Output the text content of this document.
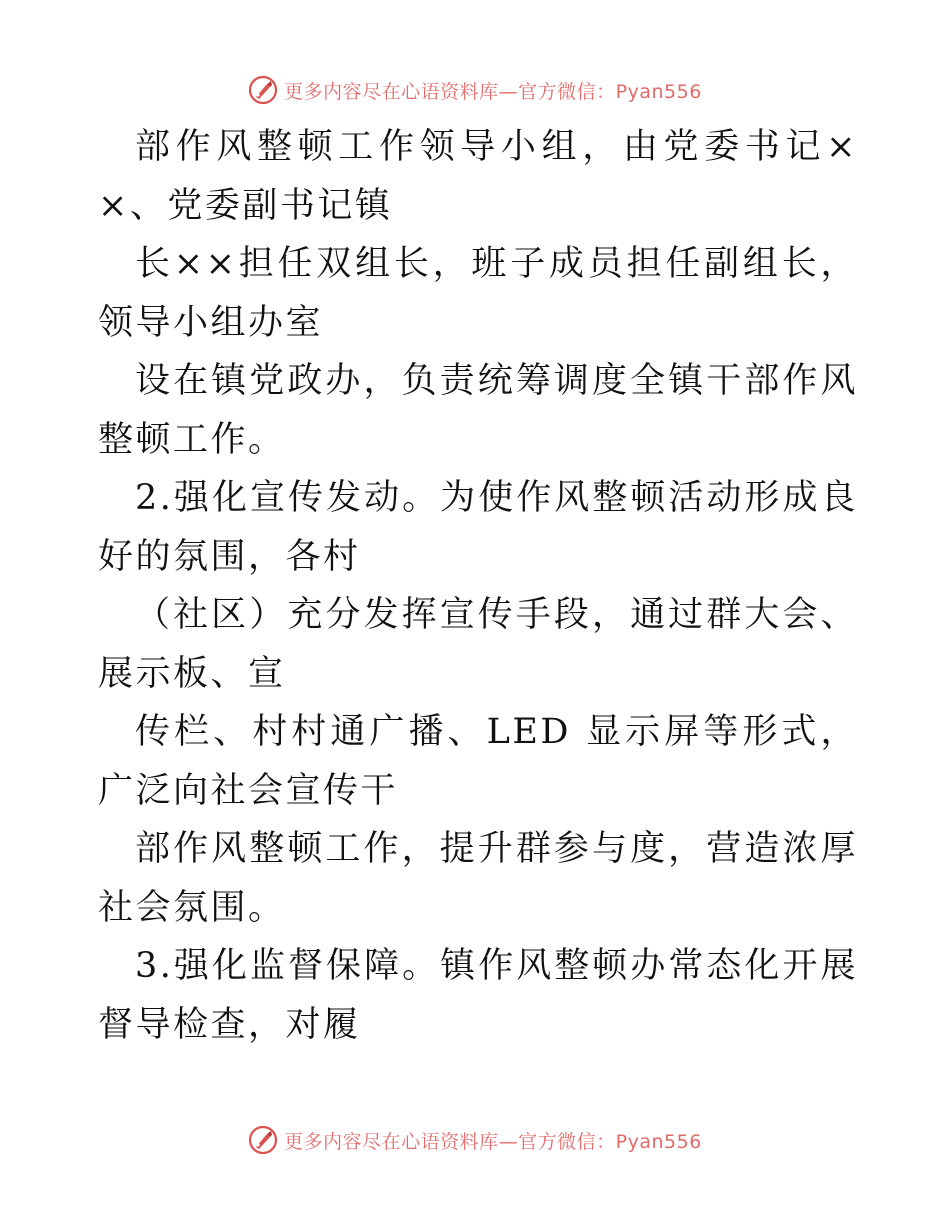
更多内容尽在心语资料库—官方微信：Pyan556

部作风整顿工作领导小组，由党委书记××、党委副书记镇

长××担任双组长，班子成员担任副组长，领导小组办室

设在镇党政办，负责统筹调度全镇干部作风整顿工作。

2.强化宣传发动。为使作风整顿活动形成良好的氛围，各村

（社区）充分发挥宣传手段，通过群大会、展示板、宣

传栏、村村通广播、LED 显示屏等形式，广泛向社会宣传干

部作风整顿工作，提升群参与度，营造浓厚社会氛围。

3.强化监督保障。镇作风整顿办常态化开展督导检查，对履

更多内容尽在心语资料库—官方微信：Pyan556
